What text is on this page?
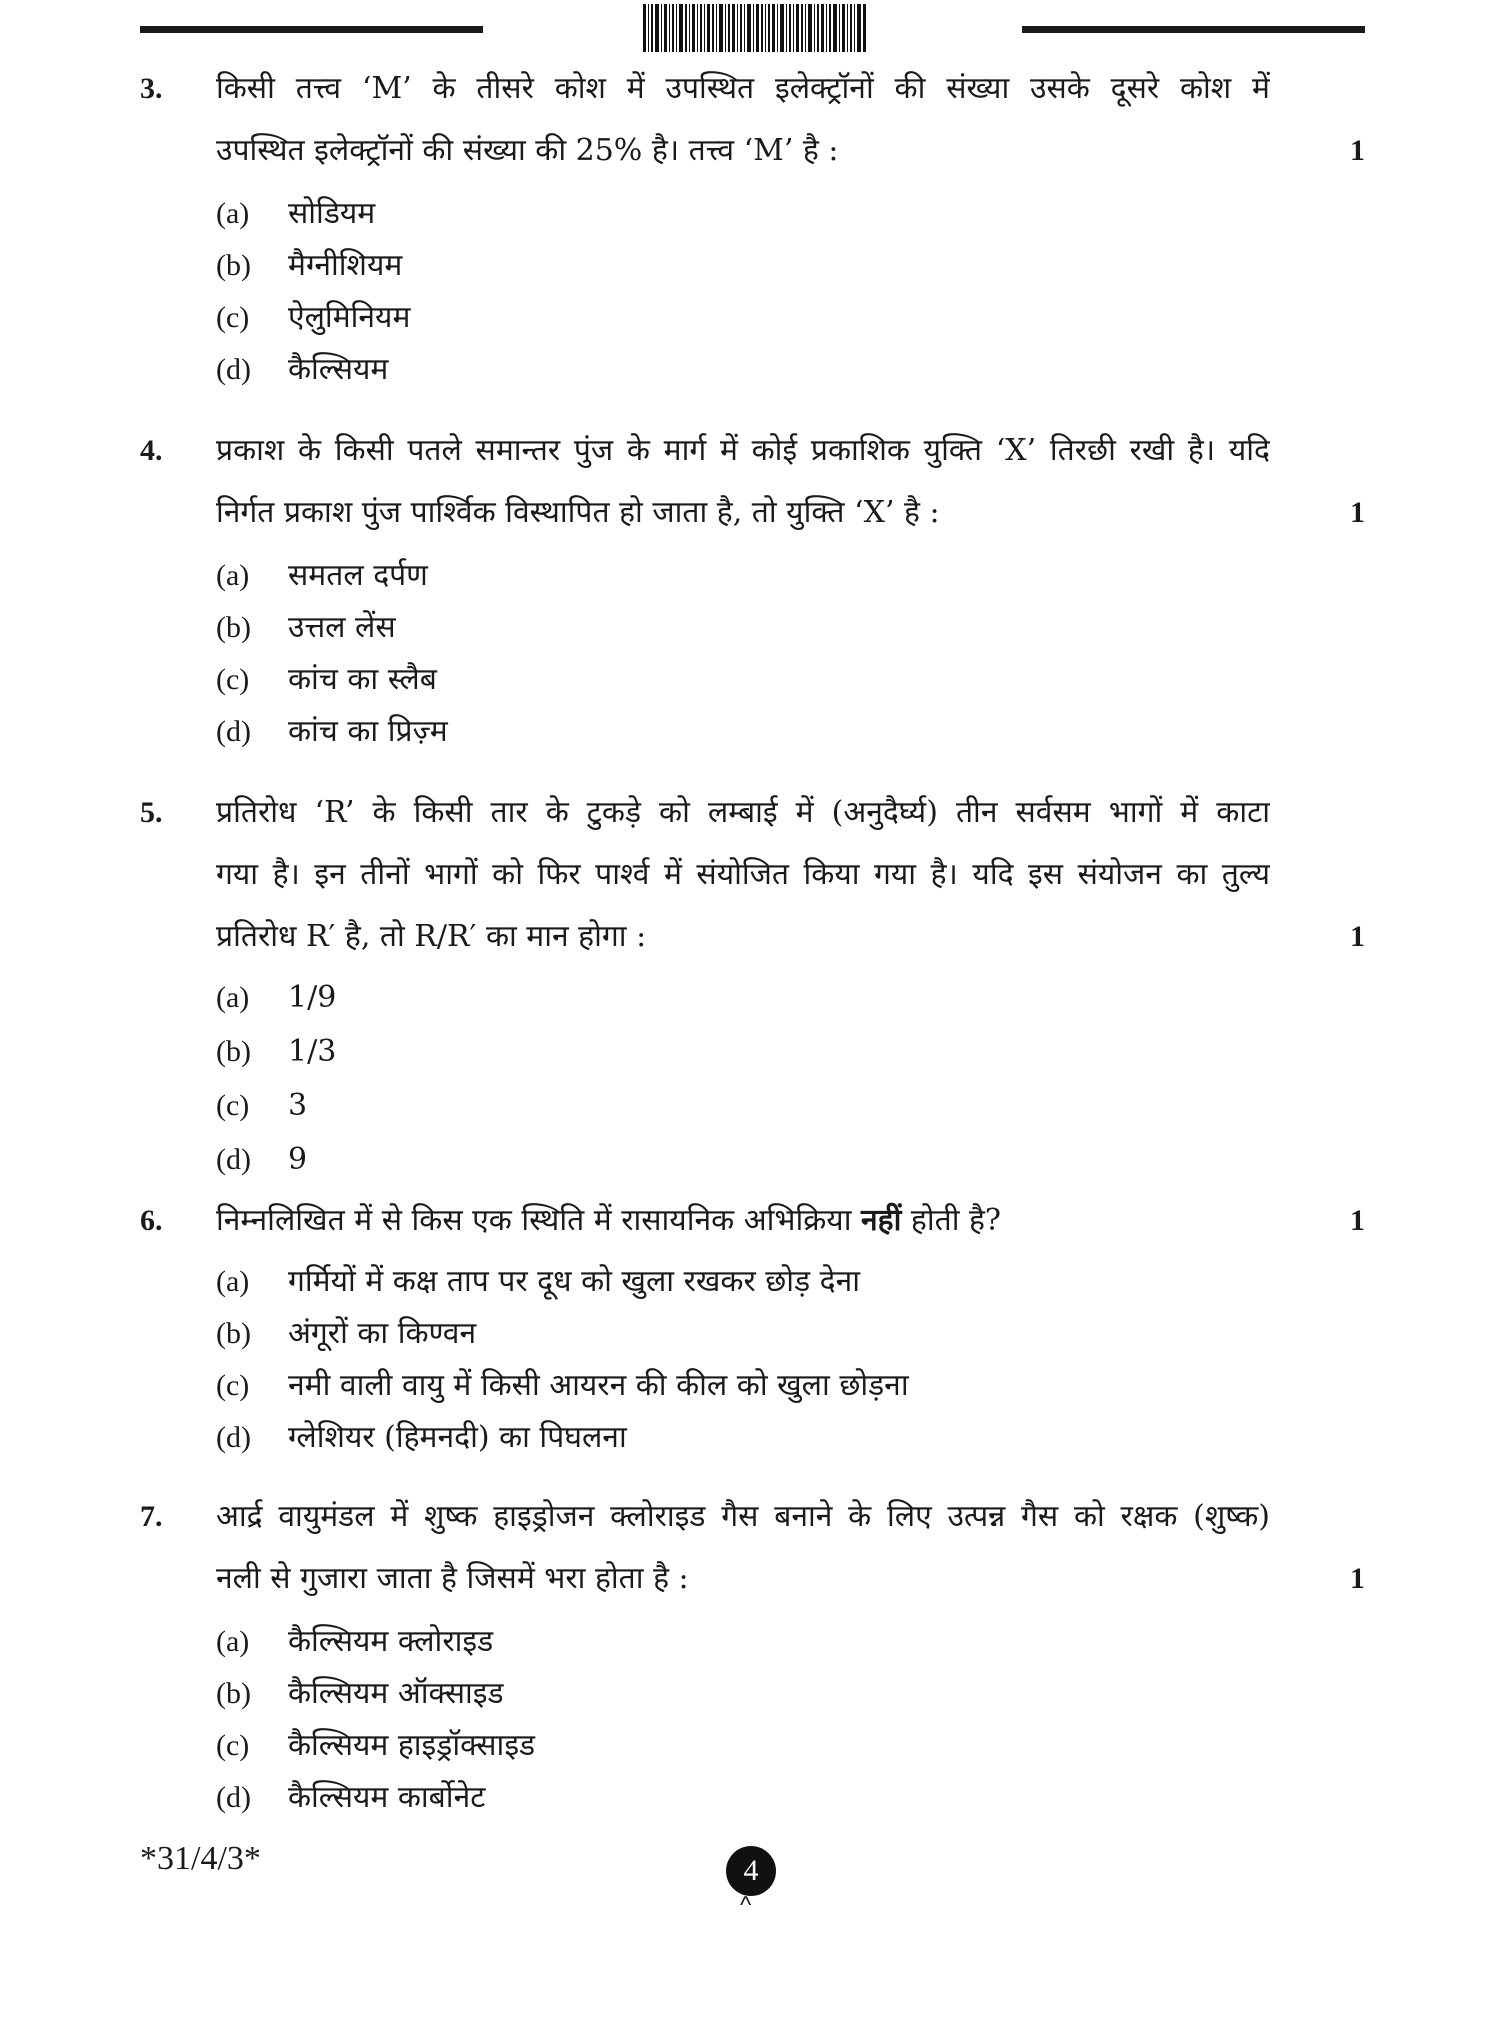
3. किसी तत्त्व ‘M’ के तीसरे कोश में उपस्थित इलेक्ट्रॉनों की संख्या उसके दूसरे कोश में
उपस्थित इलेक्ट्रॉनों की संख्या की 25% है। तत्त्व ‘M’ है :	1
(a) सोडियम
(b) मैग्नीशियम
(c) ऐलुमिनियम
(d) कैल्सियम
4. प्रकाश के किसी पतले समान्तर पुंज के मार्ग में कोई प्रकाशिक युक्ति ‘X’ तिरछी रखी है। यदि
निर्गत प्रकाश पुंज पार्श्विक विस्थापित हो जाता है, तो युक्ति ‘X’ है :	1
(a) समतल दर्पण
(b) उत्तल लेंस
(c) कांच का स्लैब
(d) कांच का प्रिज़्म
5. प्रतिरोध ‘R’ के किसी तार के टुकड़े को लम्बाई में (अनुदैर्घ्य) तीन सर्वसम भागों में काटा
गया है। इन तीनों भागों को फिर पार्श्व में संयोजित किया गया है। यदि इस संयोजन का तुल्य
प्रतिरोध R′ है, तो R/R′ का मान होगा :	1
(a) 1/9
(b) 1/3
(c) 3
(d) 9
6. निम्नलिखित में से किस एक स्थिति में रासायनिक अभिक्रिया नहीं होती है?	1
(a) गर्मियों में कक्ष ताप पर दूध को खुला रखकर छोड़ देना
(b) अंगूरों का किण्वन
(c) नमी वाली वायु में किसी आयरन की कील को खुला छोड़ना
(d) ग्लेशियर (हिमनदी) का पिघलना
7. आर्द्र वायुमंडल में शुष्क हाइड्रोजन क्लोराइड गैस बनाने के लिए उत्पन्न गैस को रक्षक (शुष्क)
नली से गुजारा जाता है जिसमें भरा होता है :	1
(a) कैल्सियम क्लोराइड
(b) कैल्सियम ऑक्साइड
(c) कैल्सियम हाइड्रॉक्साइड
(d) कैल्सियम कार्बोनेट
*31/4/3*	4
^
